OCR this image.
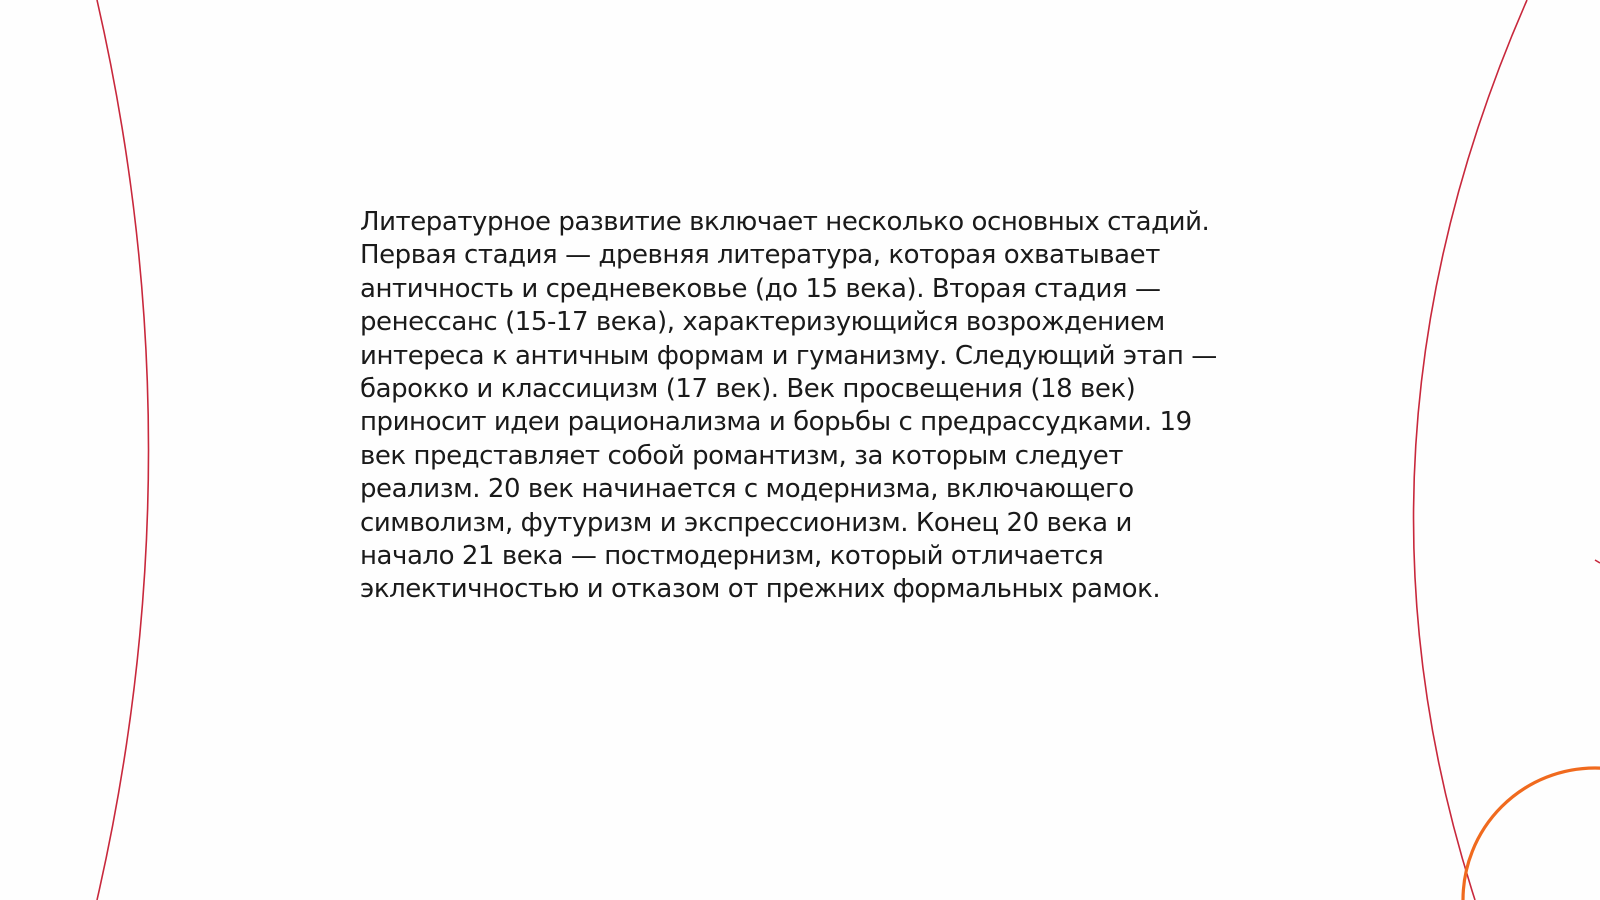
Литературное развитие включает несколько основных стадий.
Первая стадия — древняя литература, которая охватывает
античность и средневековье (до 15 века). Вторая стадия —
ренессанс (15-17 века), характеризующийся возрождением
интереса к античным формам и гуманизму. Следующий этап —
барокко и классицизм (17 век). Век просвещения (18 век)
приносит идеи рационализма и борьбы с предрассудками. 19
век представляет собой романтизм, за которым следует
реализм. 20 век начинается с модернизма, включающего
символизм, футуризм и экспрессионизм. Конец 20 века и
начало 21 века — постмодернизм, который отличается
эклектичностью и отказом от прежних формальных рамок.
